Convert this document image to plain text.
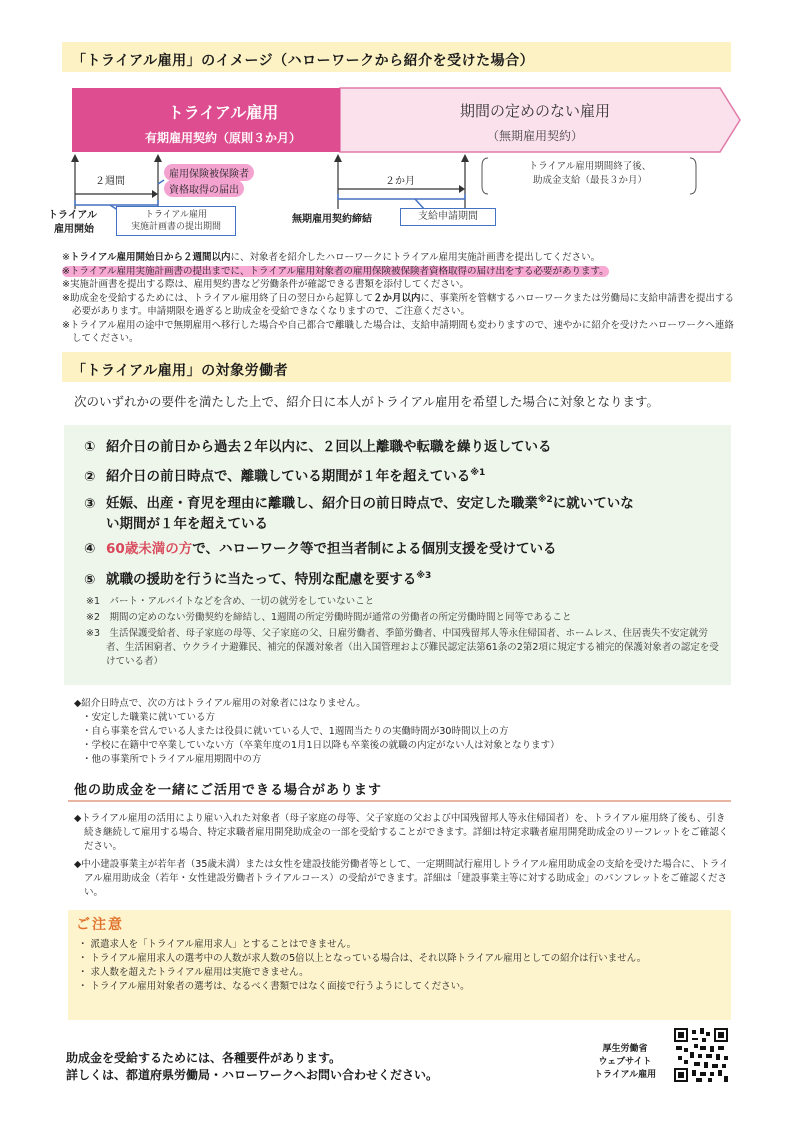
「トライアル雇用」のイメージ（ハローワークから紹介を受けた場合）
トライアル雇用
有期雇用契約（原則３か月）
期間の定めのない雇用
（無期雇用契約）
２週間
雇用保険被保険者
資格取得の届出
トライアル
雇用開始
トライアル雇用
実施計画書の提出期間
無期雇用契約締結
２か月
支給申請期間
トライアル雇用期間終了後、
助成金支給（最長３か月）
※トライアル雇用開始日から２週間以内に、対象者を紹介したハローワークにトライアル雇用実施計画書を提出してください。
※トライアル雇用実施計画書の提出までに、トライアル雇用対象者の雇用保険被保険者資格取得の届け出をする必要があります。
※実施計画書を提出する際は、雇用契約書など労働条件が確認できる書類を添付してください。
※助成金を受給するためには、トライアル雇用終了日の翌日から起算して２か月以内に、事業所を管轄するハローワークまたは労働局に支給申請書を提出する必要があります。申請期限を過ぎると助成金を受給できなくなりますので、ご注意ください。
※トライアル雇用の途中で無期雇用へ移行した場合や自己都合で離職した場合は、支給申請期間も変わりますので、速やかに紹介を受けたハローワークへ連絡してください。
「トライアル雇用」の対象労働者
次のいずれかの要件を満たした上で、紹介日に本人がトライアル雇用を希望した場合に対象となります。
① 紹介日の前日から過去２年以内に、２回以上離職や転職を繰り返している
② 紹介日の前日時点で、離職している期間が１年を超えている$^{※1}$
③ 妊娠、出産・育児を理由に離職し、紹介日の前日時点で、安定した職業$^{※2}$に就いていな
い期間が１年を超えている
④ 60歳未満の方で、ハローワーク等で担当者制による個別支援を受けている
⑤ 就職の援助を行うに当たって、特別な配慮を要する$^{※3}$
※1　パート・アルバイトなどを含め、一切の就労をしていないこと
※2　期間の定めのない労働契約を締結し、1週間の所定労働時間が通常の労働者の所定労働時間と同等であること
※3　生活保護受給者、母子家庭の母等、父子家庭の父、日雇労働者、季節労働者、中国残留邦人等永住帰国者、ホームレス、住居喪失不安定就労者、生活困窮者、ウクライナ避難民、補完的保護対象者（出入国管理および難民認定法第61条の2第2項に規定する補完的保護対象者の認定を受けている者）
◆紹介日時点で、次の方はトライアル雇用の対象者にはなりません。
・安定した職業に就いている方
・自ら事業を営んでいる人または役員に就いている人で、1週間当たりの実働時間が30時間以上の方
・学校に在籍中で卒業していない方（卒業年度の1月1日以降も卒業後の就職の内定がない人は対象となります）
・他の事業所でトライアル雇用期間中の方
他の助成金を一緒にご活用できる場合があります
◆トライアル雇用の活用により雇い入れた対象者（母子家庭の母等、父子家庭の父および中国残留邦人等永住帰国者）を、トライアル雇用終了後も、引き続き継続して雇用する場合、特定求職者雇用開発助成金の一部を受給することができます。詳細は特定求職者雇用開発助成金のリーフレットをご確認ください。
◆中小建設事業主が若年者（35歳未満）または女性を建設技能労働者等として、一定期間試行雇用しトライアル雇用助成金の支給を受けた場合に、トライアル雇用助成金（若年・女性建設労働者トライアルコース）の受給ができます。詳細は「建設事業主等に対する助成金」のパンフレットをご確認ください。
ご注意
・ 派遣求人を「トライアル雇用求人」とすることはできません。
・ トライアル雇用求人の選考中の人数が求人数の5倍以上となっている場合は、それ以降トライアル雇用としての紹介は行いません。
・ 求人数を超えたトライアル雇用は実施できません。
・ トライアル雇用対象者の選考は、なるべく書類ではなく面接で行うようにしてください。
助成金を受給するためには、各種要件があります。
詳しくは、都道府県労働局・ハローワークへお問い合わせください。
厚生労働省
ウェブサイト
トライアル雇用
